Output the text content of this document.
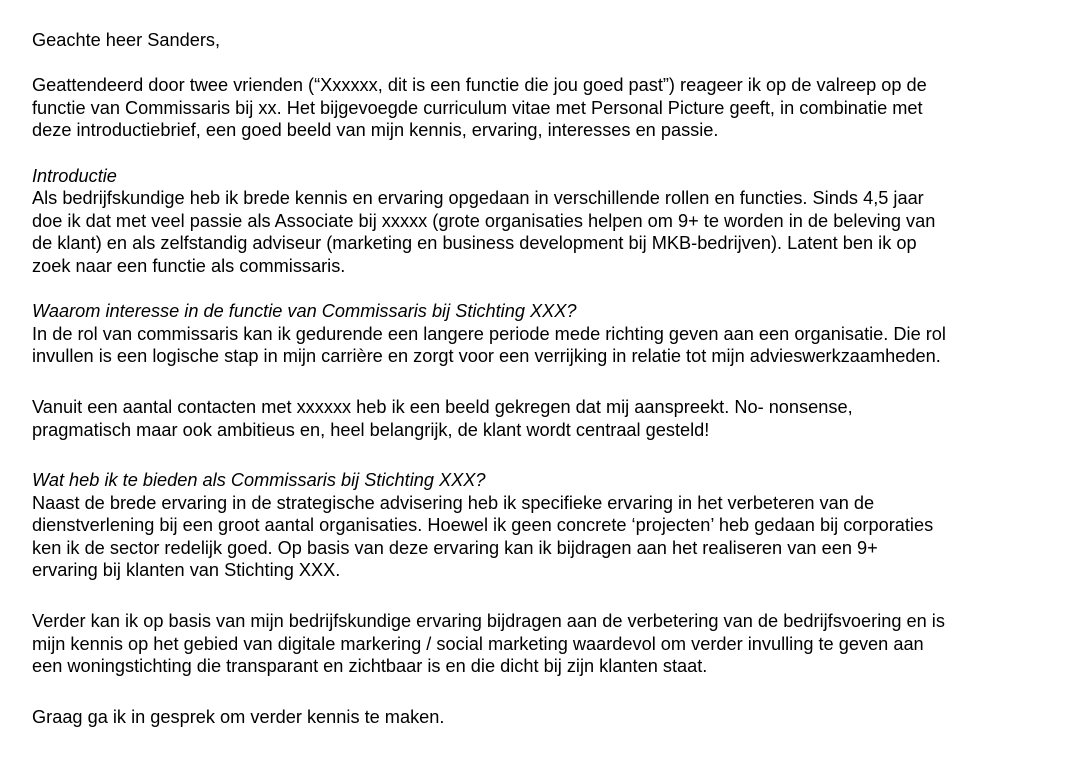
Geachte heer Sanders,

Geattendeerd door twee vrienden (“Xxxxxx, dit is een functie die jou goed past”) reageer ik op de valreep op de
functie van Commissaris bij xx. Het bijgevoegde curriculum vitae met Personal Picture geeft, in combinatie met
deze introductiebrief, een goed beeld van mijn kennis, ervaring, interesses en passie.

Introductie

Als bedrijfskundige heb ik brede kennis en ervaring opgedaan in verschillende rollen en functies. Sinds 4,5 jaar
doe ik dat met veel passie als Associate bij xxxxx (grote organisaties helpen om 9+ te worden in de beleving van
de klant) en als zelfstandig adviseur (marketing en business development bij MKB-bedrijven). Latent ben ik op
zoek naar een functie als commissaris.

Waarom interesse in de functie van Commissaris bij Stichting XXX?

In de rol van commissaris kan ik gedurende een langere periode mede richting geven aan een organisatie. Die rol
invullen is een logische stap in mijn carrière en zorgt voor een verrijking in relatie tot mijn advieswerkzaamheden.

Vanuit een aantal contacten met xxxxxx heb ik een beeld gekregen dat mij aanspreekt. No- nonsense,
pragmatisch maar ook ambitieus en, heel belangrijk, de klant wordt centraal gesteld!

Wat heb ik te bieden als Commissaris bij Stichting XXX?

Naast de brede ervaring in de strategische advisering heb ik specifieke ervaring in het verbeteren van de
dienstverlening bij een groot aantal organisaties. Hoewel ik geen concrete ‘projecten’ heb gedaan bij corporaties
ken ik de sector redelijk goed. Op basis van deze ervaring kan ik bijdragen aan het realiseren van een 9+
ervaring bij klanten van Stichting XXX.

Verder kan ik op basis van mijn bedrijfskundige ervaring bijdragen aan de verbetering van de bedrijfsvoering en is
mijn kennis op het gebied van digitale markering / social marketing waardevol om verder invulling te geven aan
een woningstichting die transparant en zichtbaar is en die dicht bij zijn klanten staat.

Graag ga ik in gesprek om verder kennis te maken.
